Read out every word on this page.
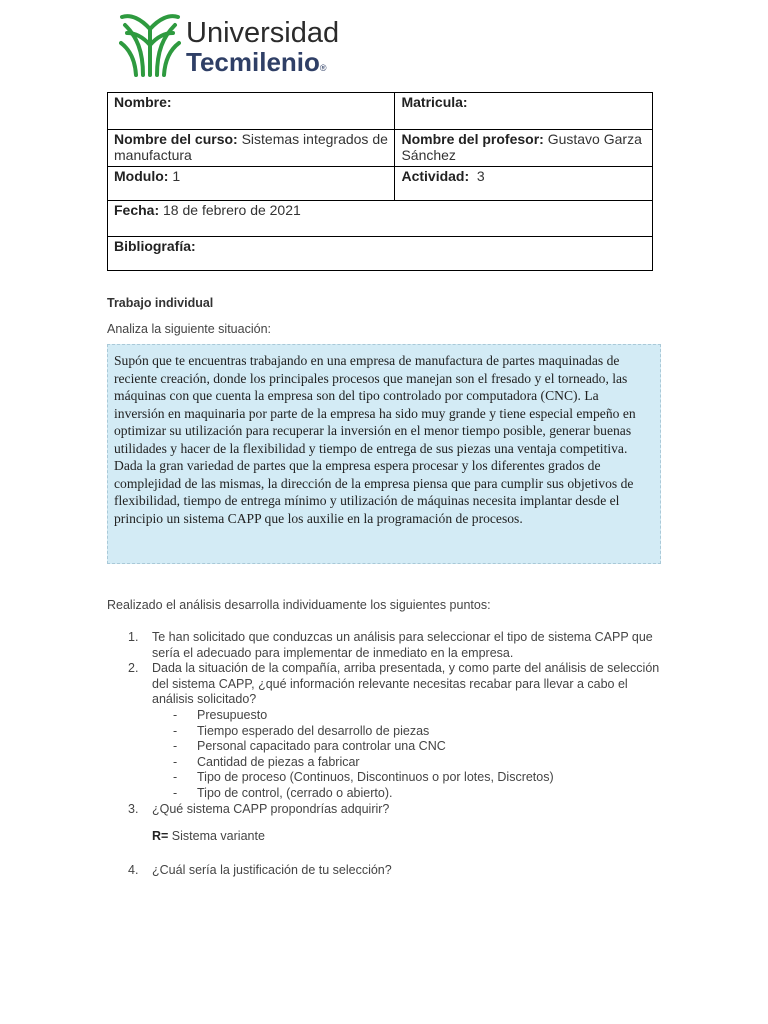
Universidad
Tecmilenio®
Nombre:	Matricula:
Nombre del curso: Sistemas integrados de manufactura	Nombre del profesor: Gustavo Garza Sánchez
Modulo: 1	Actividad: 3
Fecha: 18 de febrero de 2021	
Bibliografía:	
Trabajo individual
Analiza la siguiente situación:
Supón que te encuentras trabajando en una empresa de manufactura de partes maquinadas de reciente creación, donde los principales procesos que manejan son el fresado y el torneado, las máquinas con que cuenta la empresa son del tipo controlado por computadora (CNC). La inversión en maquinaria por parte de la empresa ha sido muy grande y tiene especial empeño en optimizar su utilización para recuperar la inversión en el menor tiempo posible, generar buenas utilidades y hacer de la flexibilidad y tiempo de entrega de sus piezas una ventaja competitiva. Dada la gran variedad de partes que la empresa espera procesar y los diferentes grados de complejidad de las mismas, la dirección de la empresa piensa que para cumplir sus objetivos de flexibilidad, tiempo de entrega mínimo y utilización de máquinas necesita implantar desde el principio un sistema CAPP que los auxilie en la programación de procesos.
Realizado el análisis desarrolla individuamente los siguientes puntos:
1. Te han solicitado que conduzcas un análisis para seleccionar el tipo de sistema CAPP que sería el adecuado para implementar de inmediato en la empresa.
2. Dada la situación de la compañía, arriba presentada, y como parte del análisis de selección del sistema CAPP, ¿qué información relevante necesitas recabar para llevar a cabo el análisis solicitado?
- Presupuesto
- Tiempo esperado del desarrollo de piezas
- Personal capacitado para controlar una CNC
- Cantidad de piezas a fabricar
- Tipo de proceso (Continuos, Discontinuos o por lotes, Discretos)
- Tipo de control, (cerrado o abierto).
3. ¿Qué sistema CAPP propondrías adquirir?
R= Sistema variante
4. ¿Cuál sería la justificación de tu selección?
